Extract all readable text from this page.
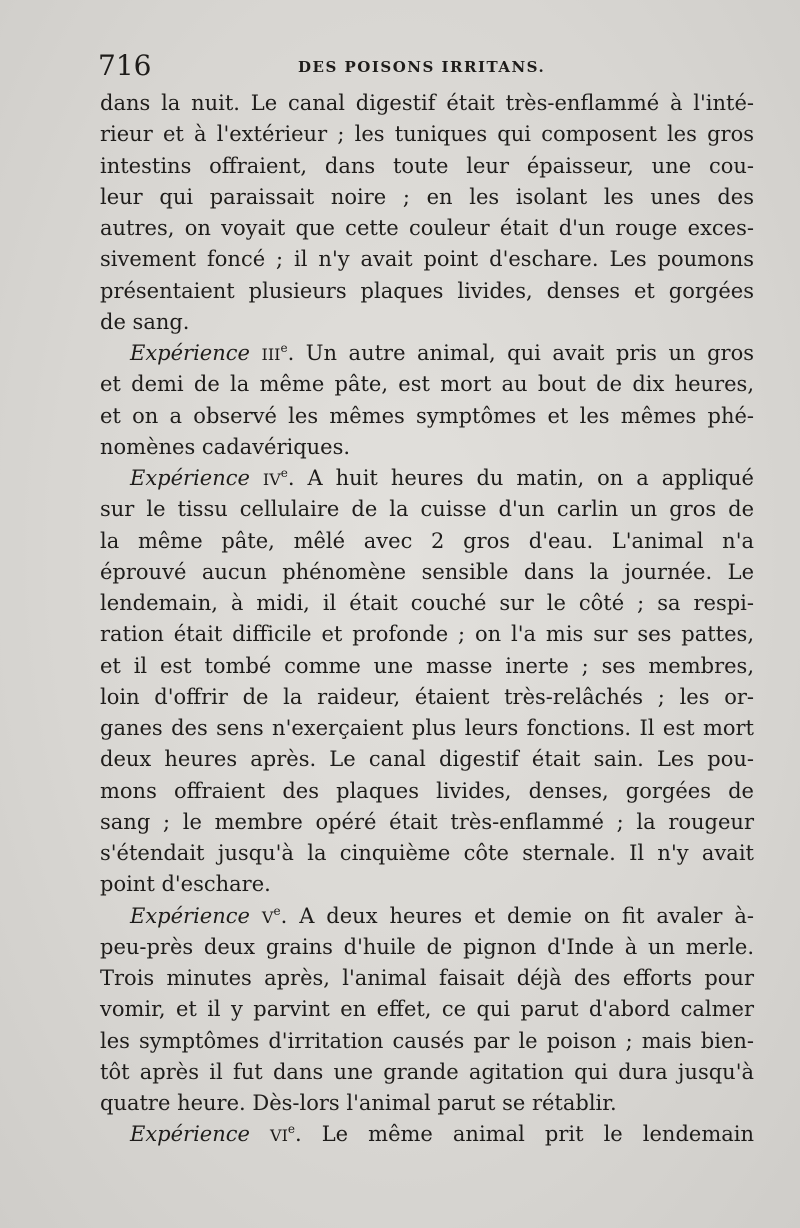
716	DES POISONS IRRITANS.
dans la nuit. Le canal digestif était très-enflammé à l'inté-
rieur et à l'extérieur ; les tuniques qui composent les gros
intestins offraient, dans toute leur épaisseur, une cou-
leur qui paraissait noire ; en les isolant les unes des
autres, on voyait que cette couleur était d'un rouge exces-
sivement foncé ; il n'y avait point d'eschare. Les poumons
présentaient plusieurs plaques livides, denses et gorgées
de sang.
Expérience IIIe. Un autre animal, qui avait pris un gros
et demi de la même pâte, est mort au bout de dix heures,
et on a observé les mêmes symptômes et les mêmes phé-
nomènes cadavériques.
Expérience IVe. A huit heures du matin, on a appliqué
sur le tissu cellulaire de la cuisse d'un carlin un gros de
la même pâte, mêlé avec 2 gros d'eau. L'animal n'a
éprouvé aucun phénomène sensible dans la journée. Le
lendemain, à midi, il était couché sur le côté ; sa respi-
ration était difficile et profonde ; on l'a mis sur ses pattes,
et il est tombé comme une masse inerte ; ses membres,
loin d'offrir de la raideur, étaient très-relâchés ; les or-
ganes des sens n'exerçaient plus leurs fonctions. Il est mort
deux heures après. Le canal digestif était sain. Les pou-
mons offraient des plaques livides, denses, gorgées de
sang ; le membre opéré était très-enflammé ; la rougeur
s'étendait jusqu'à la cinquième côte sternale. Il n'y avait
point d'eschare.
Expérience Ve. A deux heures et demie on fit avaler à-
peu-près deux grains d'huile de pignon d'Inde à un merle.
Trois minutes après, l'animal faisait déjà des efforts pour
vomir, et il y parvint en effet, ce qui parut d'abord calmer
les symptômes d'irritation causés par le poison ; mais bien-
tôt après il fut dans une grande agitation qui dura jusqu'à
quatre heure. Dès-lors l'animal parut se rétablir.
Expérience VIe. Le même animal prit le lendemain
